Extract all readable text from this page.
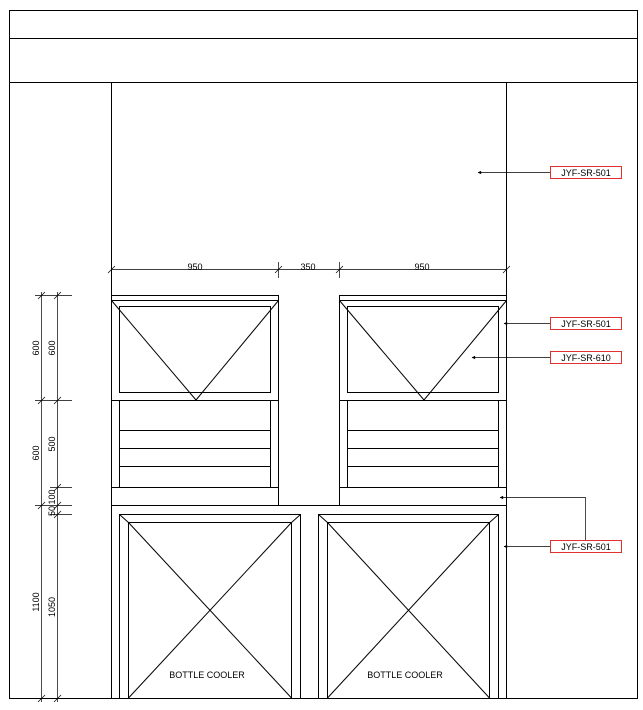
BOTTLE COOLER	BOTTLE COOLER
950	350	950
600
600
1100
600
500
100
50
1050
JYF-SR-501
JYF-SR-501
JYF-SR-610
JYF-SR-501
